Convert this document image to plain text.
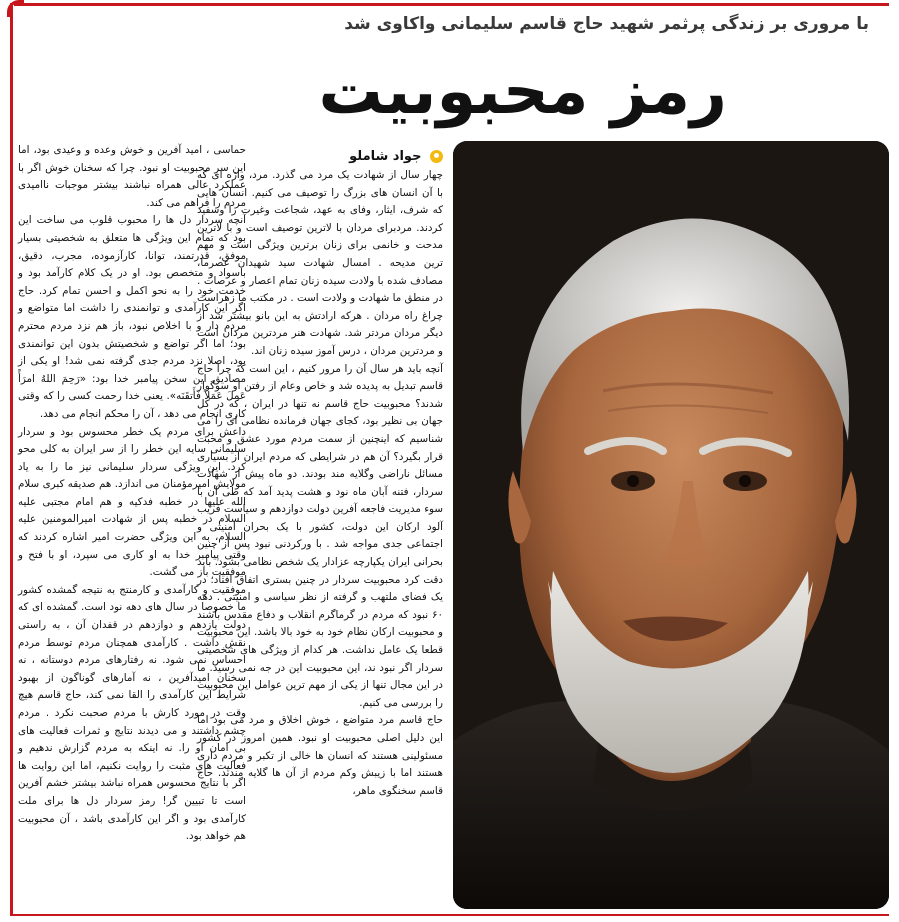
با مروری بر زندگی پرثمر شهید حاج قاسم سلیمانی واکاوی شد
رمز محبوبیت
جواد شاملو

چهار سال از شهادت یک مرد می گذرد. مرد، واژه ای که با آن انسان های بزرگ را توصیف می کنیم. انسان هایی که شرف، ایثار، وفای به عهد، شجاعت وغیرت را وسفید کردند. مردبرای مردان با لاترین توصیف است و با لاترین مدحت و خانمی برای زنان برترین ویژگی است و مهم ترین مدیحه . امسال شهادت سید شهیدان عصرما، مصادف شده با ولادت سیده زنان تمام اعصار و عرصات . در منطق ما شهادت و ولادت است . در مکتب ما زهراست چراغ راه مردان . هرکه ارادتش به این بانو بیشتر شد از دیگر مردان مردتر شد. شهادت هنر مردترین مردان است و مردترین مردان ، درس آموز سیده زنان اند.

آنچه باید هر سال آن را مرور کنیم ، این است که چرا حاج قاسم تبدیل به پدیده شد و خاص وعام از رفتن او سوگوار شدند؟ محبوبیت حاج قاسم نه تنها در ایران ، که در کل جهان بی نظیر بود، کجای جهان فرمانده نظامی ای را می شناسیم که اینچنین از سمت مردم مورد عشق و محبت قرار بگیرد؟ آن هم در شرایطی که مردم ایران از بسیاری مسائل ناراضی وگلایه مند بودند. دو ماه پیش از شهادت سردار، فتنه آبان ماه نود و هشت پدید آمد که طی آن با سوء مدیریت فاجعه آفرین دولت دوازدهم و سیاست فریب آلود ارکان این دولت، کشور با یک بحران امنیتی و اجتماعی جدی مواجه شد . با ورکردنی نبود پس از چنین بحرانی ایران یکپارچه عزادار یک شخص نظامی بشود. باید دقت کرد محبوبیت سردار در چنین بستری اتفاق افتاد؛ در یک فضای ملتهب و گرفته از نظر سیاسی و امنیتی . دهه ۶۰ نبود که مردم در گرماگرم انقلاب و دفاع مقدس باشند و محبوبیت ارکان نظام خود به خود بالا باشد. این محبوبیت قطعا یک عامل نداشت. هر کدام از ویژگی های شخصیتی سردار اگر نبود ند، این محبوبیت این در جه نمی رسید. ما در این مجال تنها از یکی از مهم ترین عوامل این محبوبیت را بررسی می کنیم.

حاج قاسم مرد متواضع ، خوش اخلاق و مرد می بود اما این دلیل اصلی محبوبیت او نبود. همین امروز در کشور مسئولینی هستند که انسان ها خالی از تکبر و مردم داری هستند اما با زیبش وکم مردم از آن ها گلایه مندند. حاج قاسم سخنگوی ماهر،

حماسی ، امید آفرین و خوش وعده و وعیدی بود، اما این سر محبوبیت او نبود. چرا که سخنان خوش اگر با عملکرد عالی همراه نباشند بیشتر موجبات ناامیدی مردم را فراهم می کند.

آنچه سردار دل ها را محبوب قلوب می ساخت این بود که تمام این ویژگی ها متعلق به شخصیتی بسیار موفق، قدرتمند، توانا، کارآزموده، مجرب، دقیق، باسواد و متخصص بود. او در یک کلام کارآمد بود و خدمت خود را به نحو اکمل و احسن تمام کرد. حاج اگر این کارآمدی و توانمندی را داشت اما متواضع و مردم دار و با اخلاص نبود، باز هم نزد مردم محترم بود؛ اما اگر تواضع و شخصیتش بدون این توانمندی بود، اصلا نزد مردم جدی گرفته نمی شد! او یکی از مصادیق این سخن پیامبر خدا بود: «رَحِمَ اللهُ امرَأً عَمِلَ عَمَلاً فَأَتقَنَه». یعنی خدا رحمت کسی را که وقتی کاری انجام می دهد ، آن را محکم انجام می دهد.

داعش برای مردم یک خطر محسوس بود و سردار سلیمانی سایه این خطر را از سر ایران به کلی محو کرد. این ویژگی سردار سلیمانی نیز ما را به یاد مولایش امیرمؤمنان می اندازد. هم صدیقه کبری سلام الله علیها در خطبه فدکیه و هم امام مجتبی علیه السلام در خطبه پس از شهادت امیرالمومنین علیه السلام، به این ویژگی حضرت امیر اشاره کردند که وقتی پیامبر خدا به او کاری می سپرد، او با فتح و موفقیت باز می گشت.

موفقیت و کارآمدی و کارمنتج به نتیجه گمشده کشور ما خصوصا در سال های دهه نود است. گمشده ای که دولت یازدهم و دوازدهم در قفدان آن ، به راستی نقش داشت . کارآمدی همچنان مردم توسط مردم احساس نمی شود. نه رفتارهای مردم دوستانه ، نه سخنان امیدآفرین ، نه آمارهای گوناگون از بهبود شرایط این کارآمدی را القا نمی کند، حاج قاسم هیچ وقت در مورد کارش با مردم صحبت نکرد . مردم چشم داشتند و می دیدند نتایج و ثمرات فعالیت های بی امان او را. نه اینکه به مردم گزارش ندهیم و فعالیت های مثبت را روایت نکنیم، اما این روایت ها اگر با نتایج محسوس همراه نباشد بیشتر خشم آفرین است تا تبیین گر! رمز سردار دل ها برای ملت کارآمدی بود و اگر این کارآمدی باشد ، آن محبوبیت هم خواهد بود.
